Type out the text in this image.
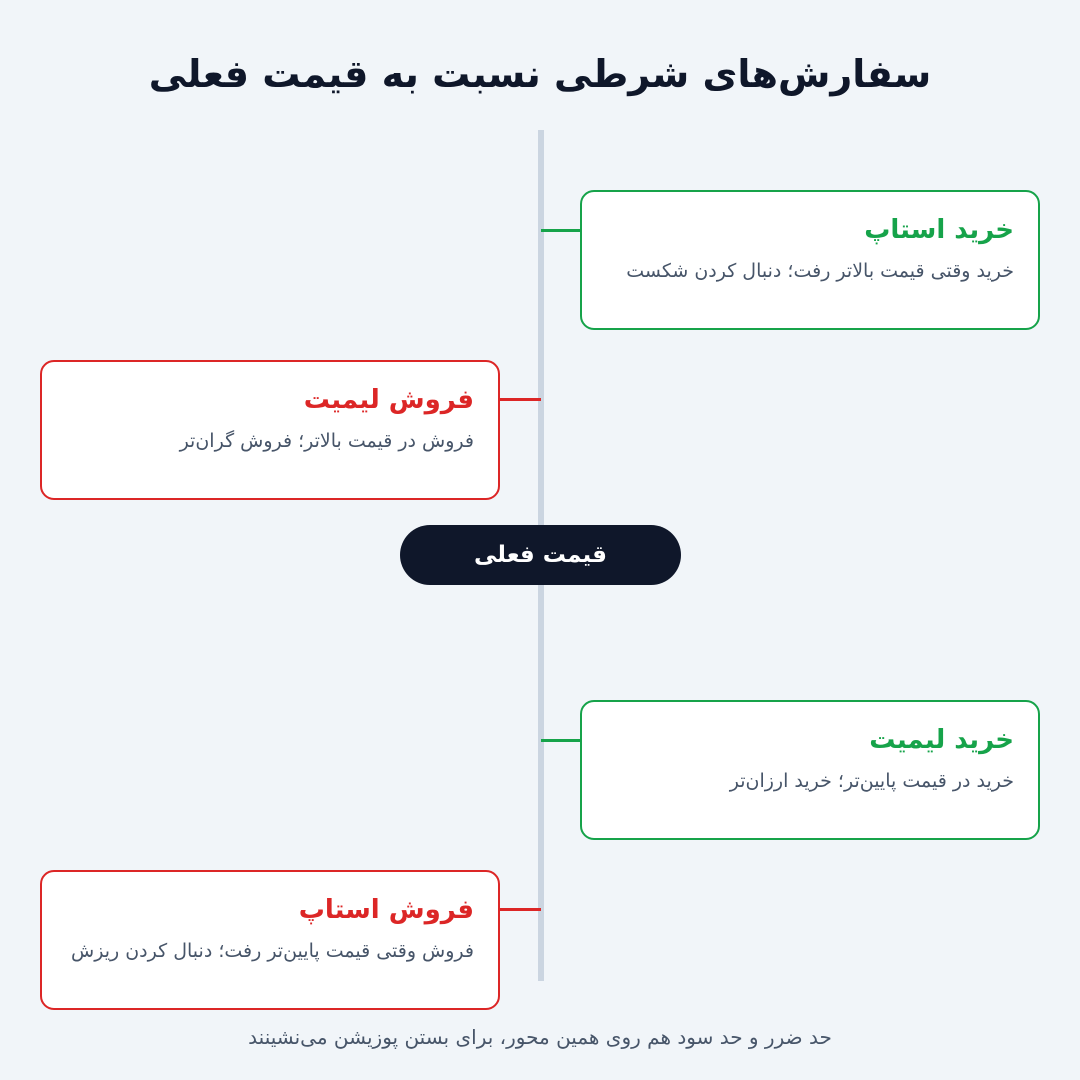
سفارش‌های شرطی نسبت به قیمت فعلی
خرید استاپ
خرید وقتی قیمت بالاتر رفت؛ دنبال کردن شکست
فروش لیمیت
فروش در قیمت بالاتر؛ فروش گران‌تر
قیمت فعلی
خرید لیمیت
خرید در قیمت پایین‌تر؛ خرید ارزان‌تر
فروش استاپ
فروش وقتی قیمت پایین‌تر رفت؛ دنبال کردن ریزش
حد ضرر و حد سود هم روی همین محور، برای بستن پوزیشن می‌نشینند
